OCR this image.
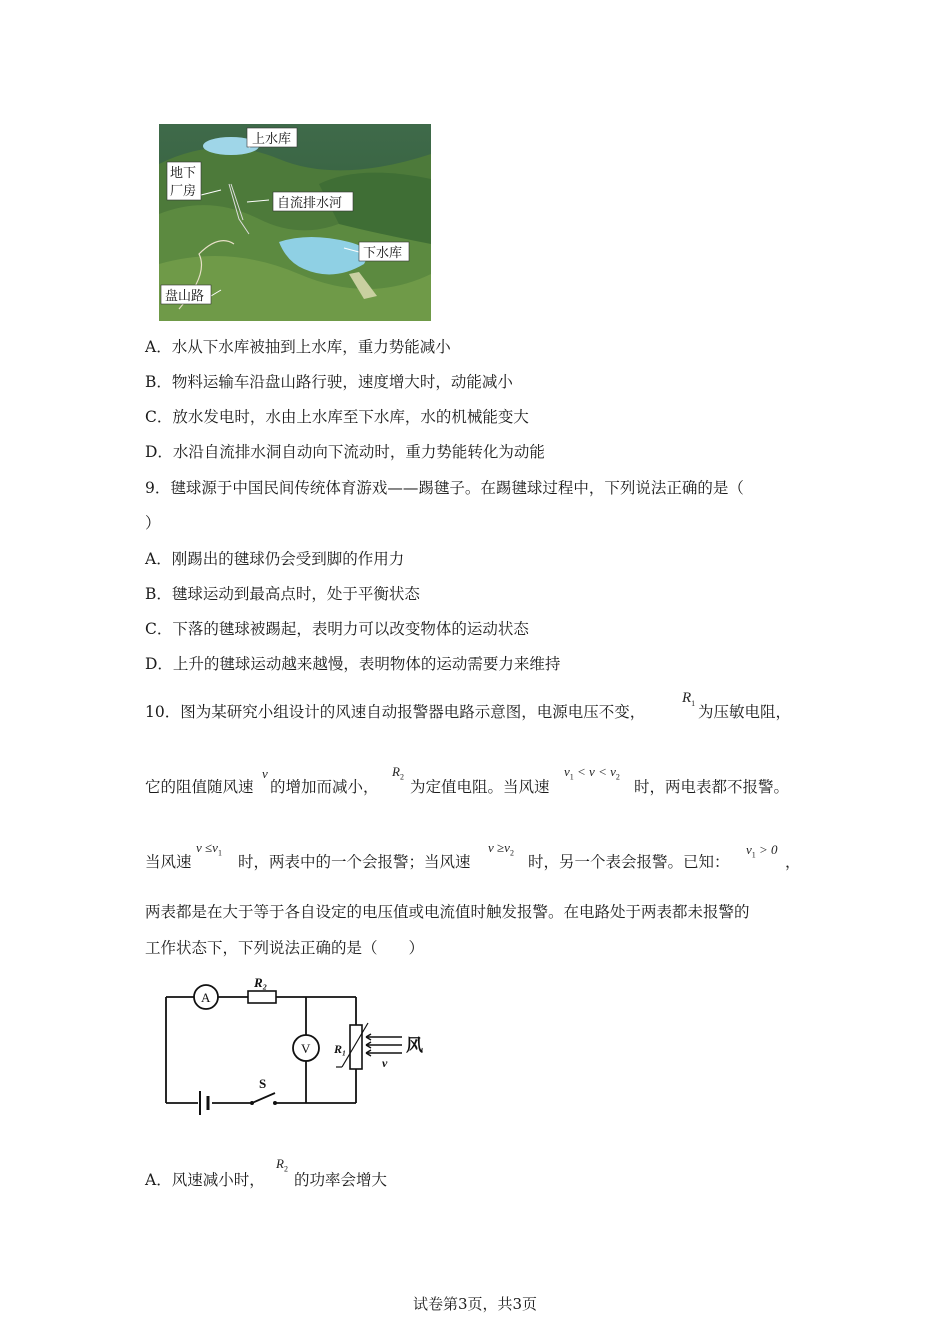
上水库
地下
厂房
自流排水河
下水库
盘山路
A．水从下水库被抽到上水库，重力势能减小
B．物料运输车沿盘山路行驶，速度增大时，动能减小
C．放水发电时，水由上水库至下水库，水的机械能变大
D．水沿自流排水洞自动向下流动时，重力势能转化为动能
9．毽球源于中国民间传统体育游戏——踢毽子。在踢毽球过程中，下列说法正确的是（
）
A．刚踢出的毽球仍会受到脚的作用力
B．毽球运动到最高点时，处于平衡状态
C．下落的毽球被踢起，表明力可以改变物体的运动状态
D．上升的毽球运动越来越慢，表明物体的运动需要力来维持
10．图为某研究小组设计的风速自动报警器电路示意图，电源电压不变，
$R_1$ 为压敏电阻，
它的阻值随风速
v
的增加而减小，
$R_2$
为定值电阻。当风速
$v_1 < v < v_2$
时，两电表都不报警。
当风速
$v \le v_1$ 时，两表中的一个会报警；当风速
$v \ge v_2$ 时，另一个表会报警。已知：
$v_1 > 0$
，
两表都是在大于等于各自设定的电压值或电流值时触发报警。在电路处于两表都未报警的
工作状态下，下列说法正确的是（　　）
A
V
R₂
R₁
S
v
风
A．风速减小时，
$R_2$
的功率会增大
试卷第3页，共3页
